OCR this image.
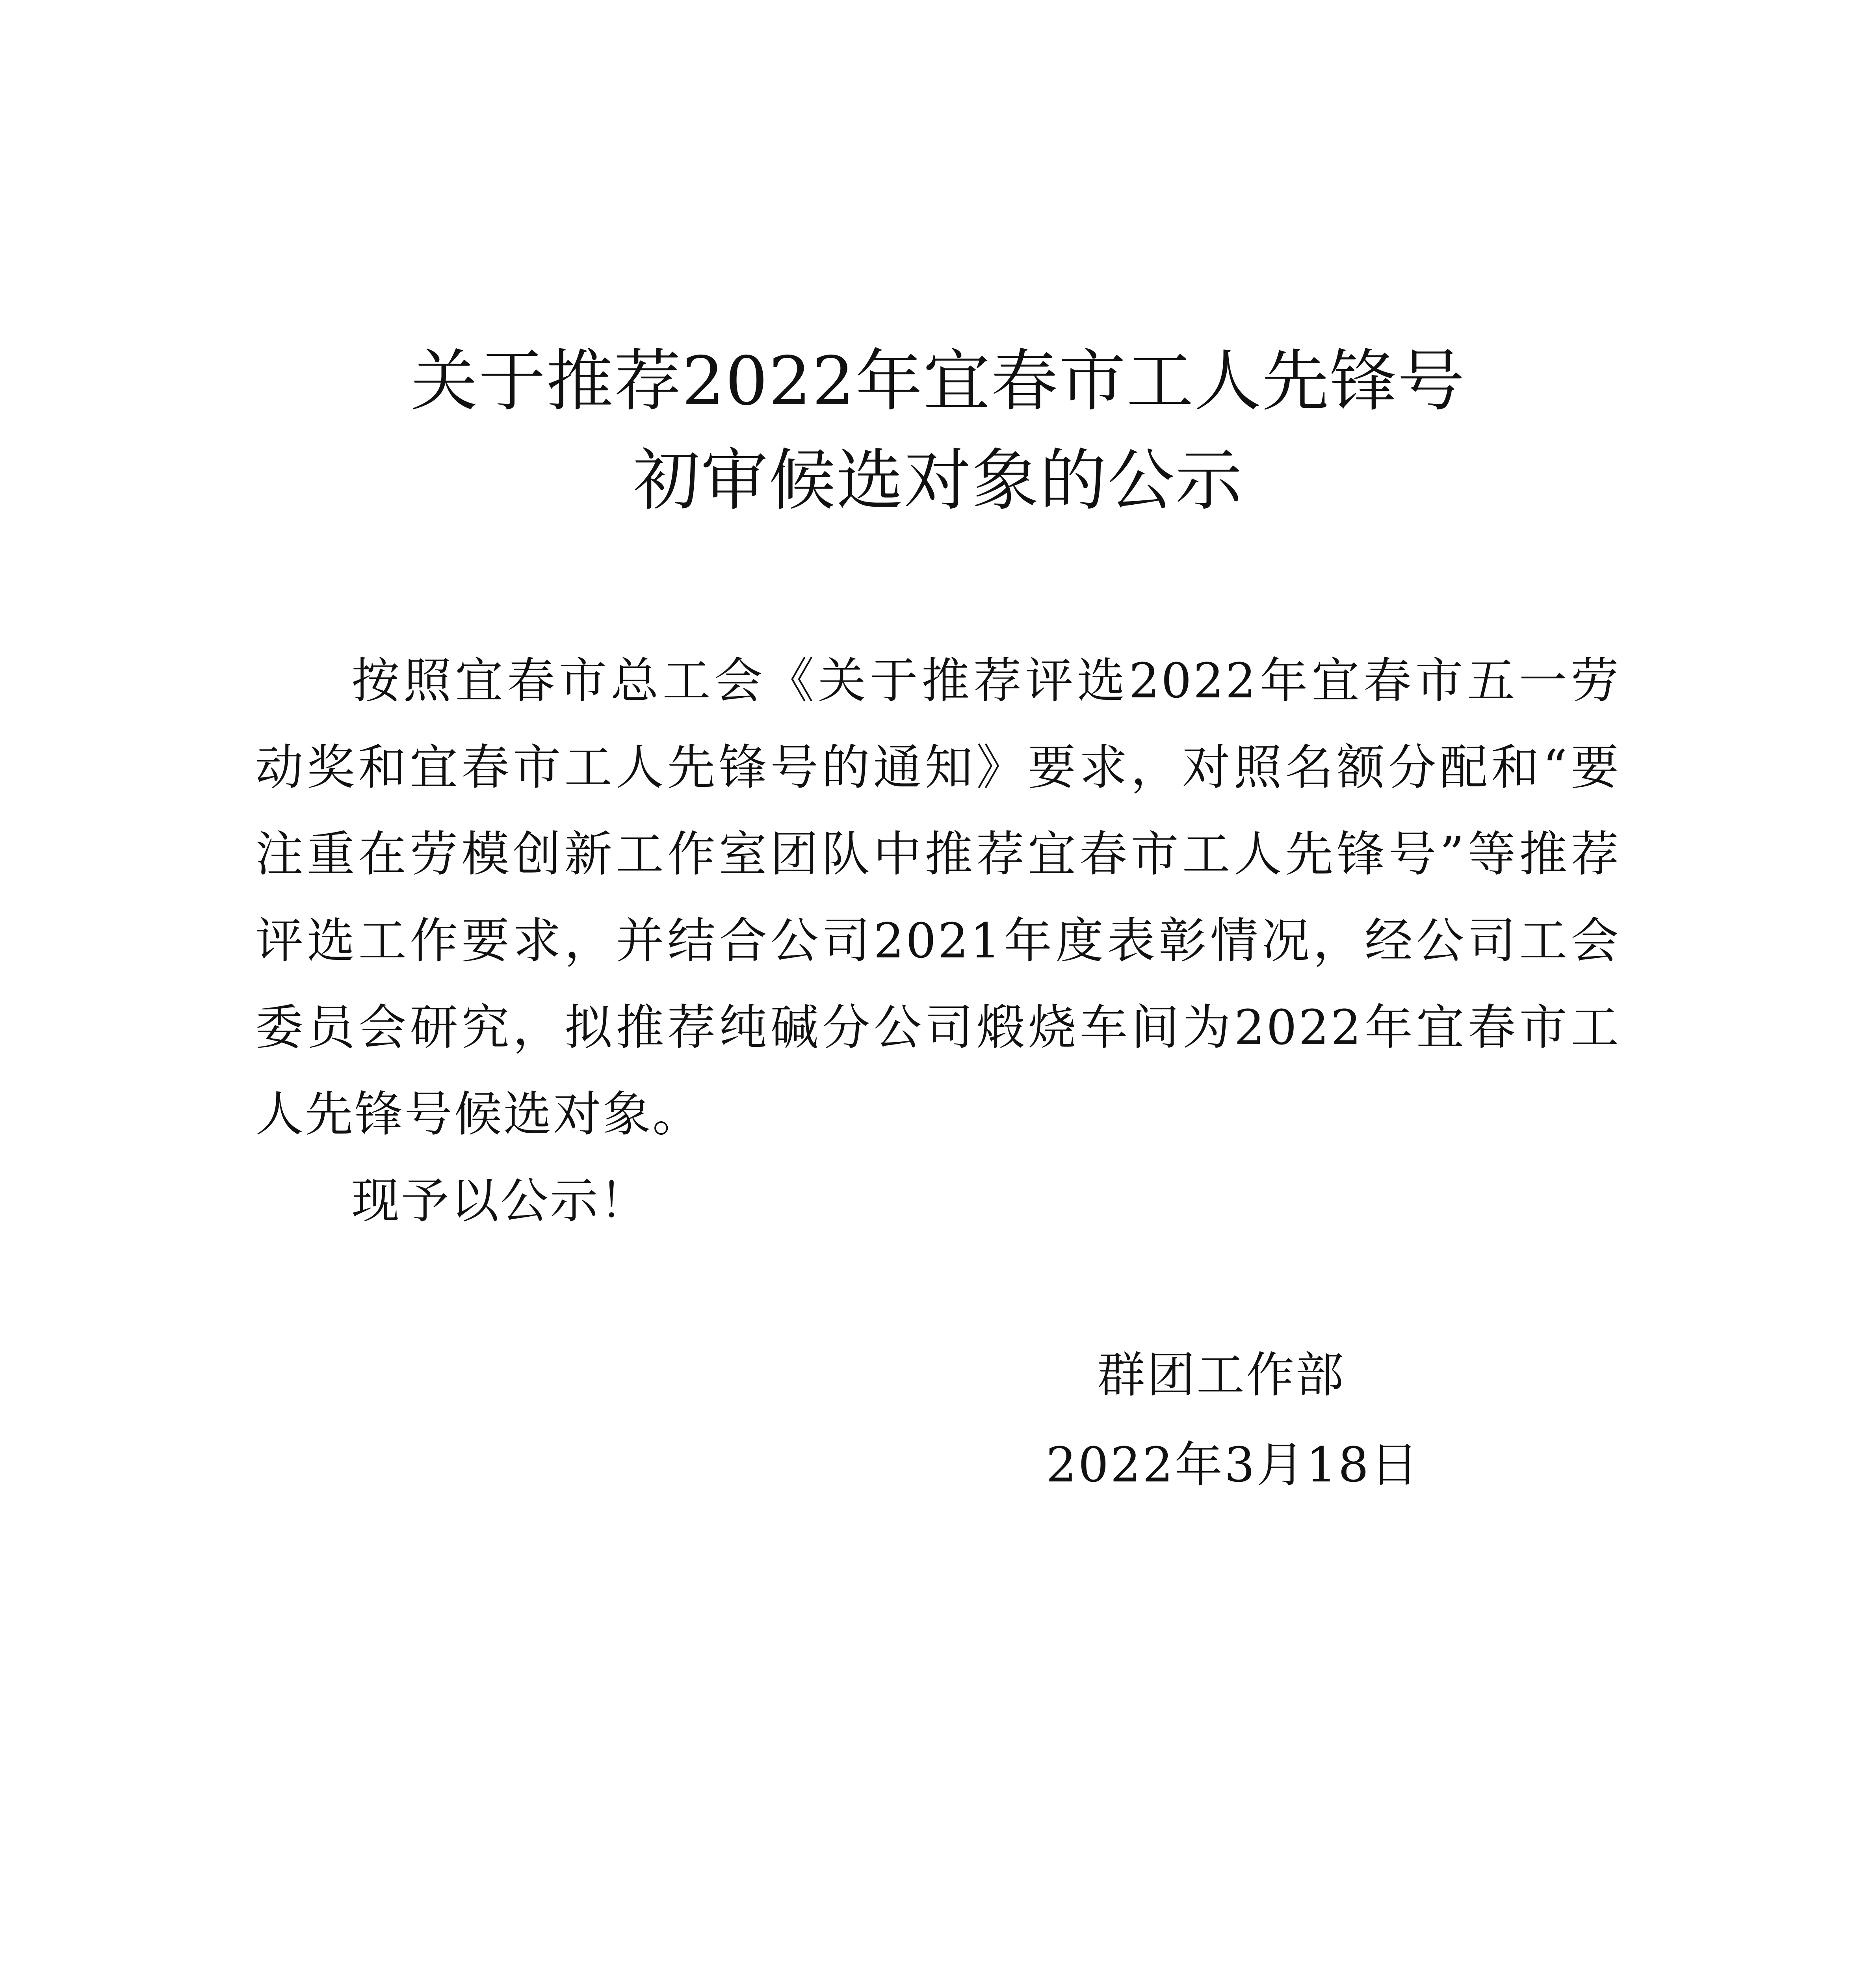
关于推荐2022年宜春市工人先锋号
初审候选对象的公示
按照宜春市总工会《关于推荐评选2022年宜春市五一劳动奖和宜春市工人先锋号的通知》要求，对照名额分配和“要注重在劳模创新工作室团队中推荐宜春市工人先锋号”等推荐评选工作要求，并结合公司2021年度表彰情况，经公司工会委员会研究，拟推荐纯碱分公司煅烧车间为2022年宜春市工人先锋号候选对象。
现予以公示！
群团工作部
2022年3月18日
